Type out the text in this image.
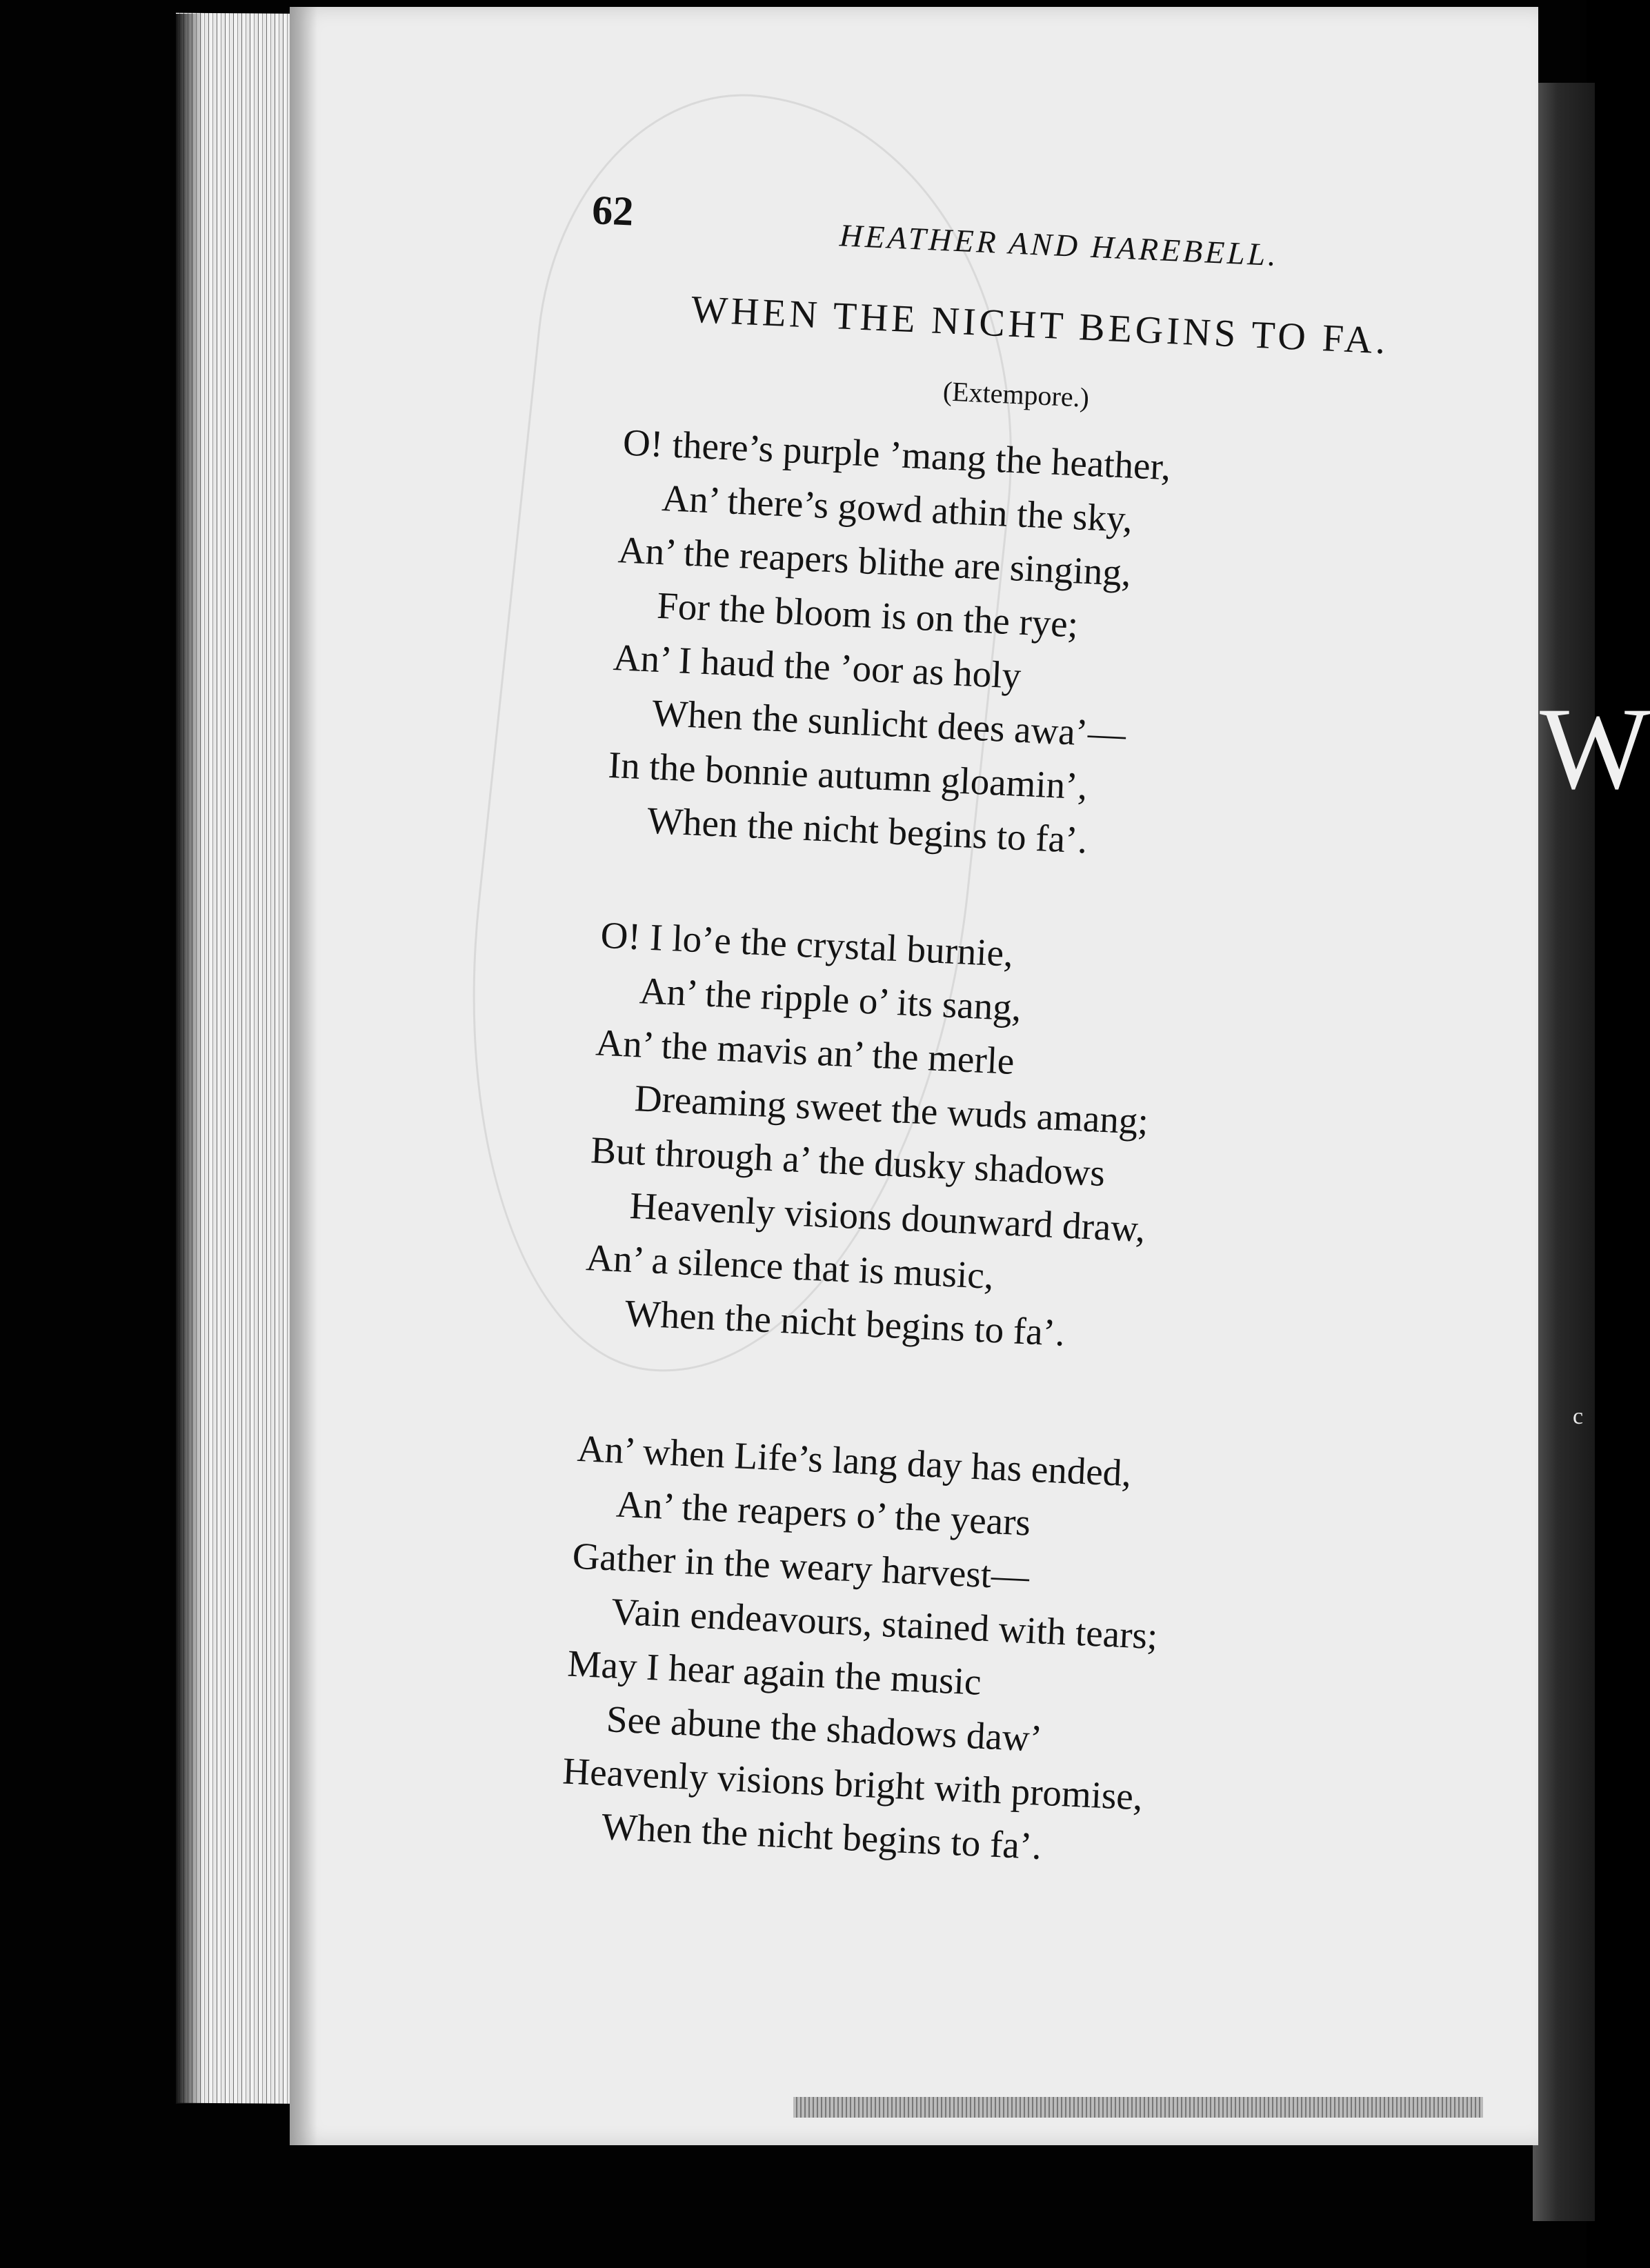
W
c
62
HEATHER AND HAREBELL.
WHEN THE NICHT BEGINS TO FA.
(Extempore.)
O! there’s purple ’mang the heather,
An’ there’s gowd athin the sky,
An’ the reapers blithe are singing,
For the bloom is on the rye;
An’ I haud the ’oor as holy
When the sunlicht dees awa’—
In the bonnie autumn gloamin’,
When the nicht begins to fa’.
O! I lo’e the crystal burnie,
An’ the ripple o’ its sang,
An’ the mavis an’ the merle
Dreaming sweet the wuds amang;
But through a’ the dusky shadows
Heavenly visions dounward draw,
An’ a silence that is music,
When the nicht begins to fa’.
An’ when Life’s lang day has ended,
An’ the reapers o’ the years
Gather in the weary harvest—
Vain endeavours, stained with tears;
May I hear again the music
See abune the shadows daw’
Heavenly visions bright with promise,
When the nicht begins to fa’.
